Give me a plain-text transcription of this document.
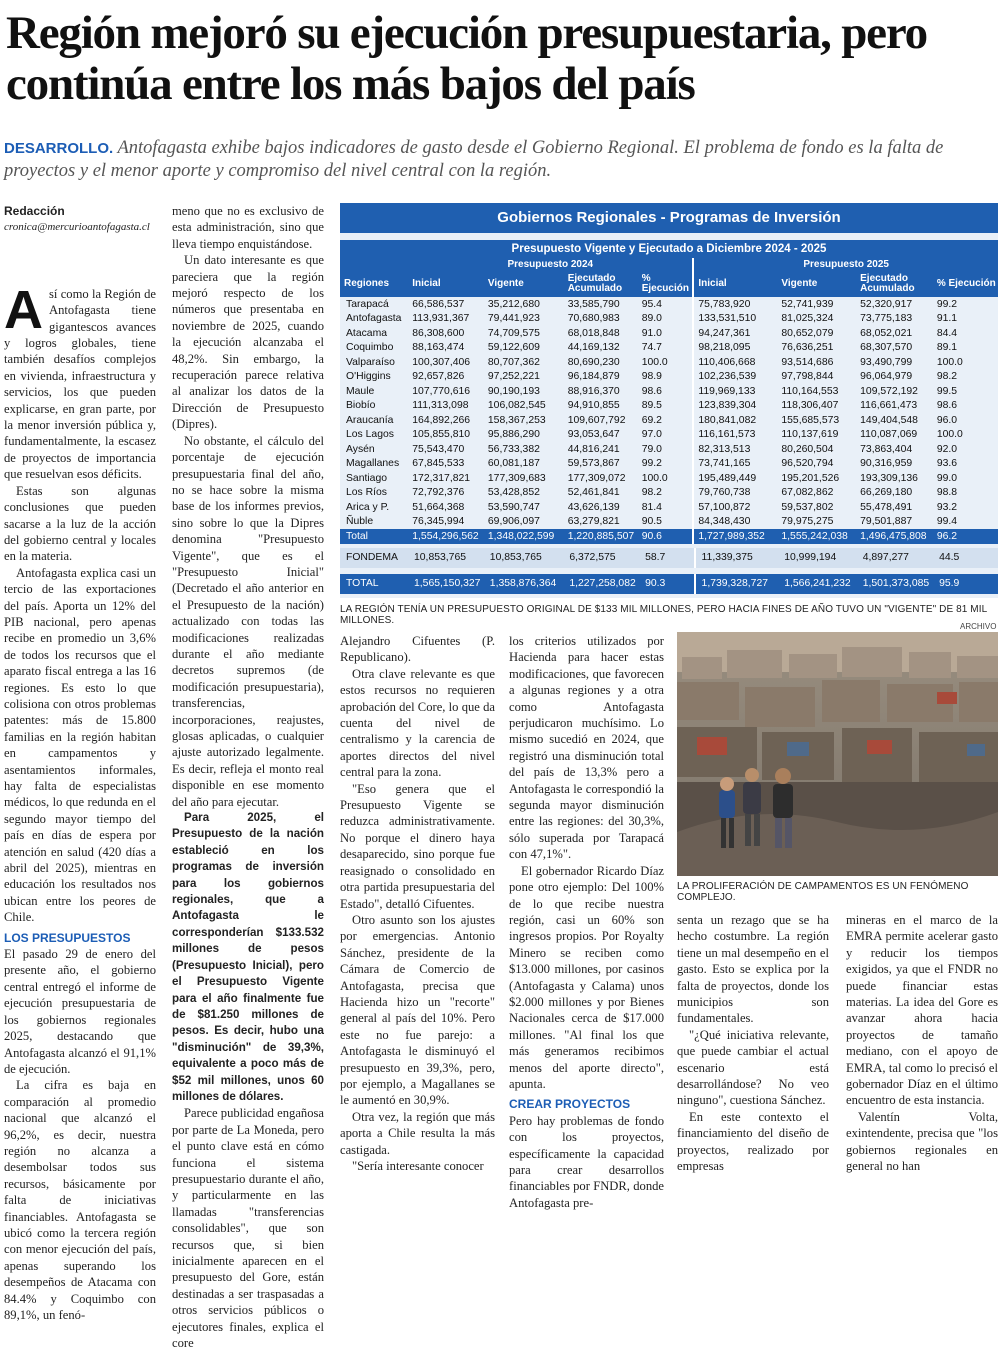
Región mejoró su ejecución presupuestaria, pero continúa entre los más bajos del país
DESARROLLO. Antofagasta exhibe bajos indicadores de gasto desde el Gobierno Regional. El problema de fondo es la falta de proyectos y el menor aporte y compromiso del nivel central con la región.
Redacción
cronica@mercurioantofagasta.cl

Así como la Región de Antofagasta tiene gigantescos avances y logros globales, tiene también desafíos complejos en vivienda, infraestructura y servicios, los que pueden explicarse, en gran parte, por la menor inversión pública y, fundamentalmente, la escasez de proyectos de importancia que resuelvan esos déficits.

Estas son algunas conclusiones que pueden sacarse a la luz de la acción del gobierno central y locales en la materia.

Antofagasta explica casi un tercio de las exportaciones del país. Aporta un 12% del PIB nacional, pero apenas recibe en promedio un 3,6% de todos los recursos que el aparato fiscal entrega a las 16 regiones. Es esto lo que colisiona con otros problemas patentes: más de 15.800 familias en la región habitan en campamentos y asentamientos informales, hay falta de especialistas médicos, lo que redunda en el segundo mayor tiempo del país en días de espera por atención en salud (420 días a abril del 2025), mientras en educación los resultados nos ubican entre los peores de Chile.

LOS PRESUPUESTOS

El pasado 29 de enero del presente año, el gobierno central entregó el informe de ejecución presupuestaria de los gobiernos regionales 2025, destacando que Antofagasta alcanzó el 91,1% de ejecución.

La cifra es baja en comparación al promedio nacional que alcanzó el 96,2%, es decir, nuestra región no alcanza a desembolsar todos sus recursos, básicamente por falta de iniciativas financiables. Antofagasta se ubicó como la tercera región con menor ejecución del país, apenas superando los desempeños de Atacama con 84.4% y Coquimbo con 89,1%, un fenó-

meno que no es exclusivo de esta administración, sino que lleva tiempo enquistándose.

Un dato interesante es que pareciera que la región mejoró respecto de los números que presentaba en noviembre de 2025, cuando la ejecución alcanzaba el 48,2%. Sin embargo, la recuperación parece relativa al analizar los datos de la Dirección de Presupuesto (Dipres).

No obstante, el cálculo del porcentaje de ejecución presupuestaria final del año, no se hace sobre la misma base de los informes previos, sino sobre lo que la Dipres denomina "Presupuesto Vigente", que es el "Presupuesto Inicial" (Decretado el año anterior en el Presupuesto de la nación) actualizado con todas las modificaciones realizadas durante el año mediante decretos supremos (de modificación presupuestaria), transferencias, incorporaciones, reajustes, glosas aplicadas, o cualquier ajuste autorizado legalmente. Es decir, refleja el monto real disponible en ese momento del año para ejecutar.

Para 2025, el Presupuesto de la nación estableció en los programas de inversión para los gobiernos regionales, que a Antofagasta le corresponderían $133.532 millones de pesos (Presupuesto Inicial), pero el Presupuesto Vigente para el año finalmente fue de $81.250 millones de pesos. Es decir, hubo una "disminución" de 39,3%, equivalente a poco más de $52 mil millones, unos 60 millones de dólares.

Parece publicidad engañosa por parte de La Moneda, pero el punto clave está en cómo funciona el sistema presupuestario durante el año, y particularmente en las llamadas "transferencias consolidables", que son recursos que, si bien inicialmente aparecen en el presupuesto del Gore, están destinadas a ser traspasadas a otros servicios públicos o ejecutores finales, explica el core

Gobiernos Regionales - Programas de Inversión
Presupuesto Vigente y Ejecutado a Diciembre 2024 - 2025
	Presupuesto 2024				Presupuesto 2025			
Regiones	Inicial	Vigente	Ejecutado Acumulado	% Ejecución	Inicial	Vigente	Ejecutado Acumulado	% Ejecución
Tarapacá	66,586,537	35,212,680	33,585,790	95.4	75,783,920	52,741,939	52,320,917	99.2
Antofagasta	113,931,367	79,441,923	70,680,983	89.0	133,531,510	81,025,324	73,775,183	91.1
Atacama	86,308,600	74,709,575	68,018,848	91.0	94,247,361	80,652,079	68,052,021	84.4
Coquimbo	88,163,474	59,122,609	44,169,132	74.7	98,218,095	76,636,251	68,307,570	89.1
Valparaíso	100,307,406	80,707,362	80,690,230	100.0	110,406,668	93,514,686	93,490,799	100.0
O'Higgins	92,657,826	97,252,221	96,184,879	98.9	102,236,539	97,798,844	96,064,979	98.2
Maule	107,770,616	90,190,193	88,916,370	98.6	119,969,133	110,164,553	109,572,192	99.5
Biobío	111,313,098	106,082,545	94,910,855	89.5	123,839,304	118,306,407	116,661,473	98.6
Araucanía	164,892,266	158,367,253	109,607,792	69.2	180,841,082	155,685,573	149,404,548	96.0
Los Lagos	105,855,810	95,886,290	93,053,647	97.0	116,161,573	110,137,619	110,087,069	100.0
Aysén	75,543,470	56,733,382	44,816,241	79.0	82,313,513	80,260,504	73,863,404	92.0
Magallanes	67,845,533	60,081,187	59,573,867	99.2	73,741,165	96,520,794	90,316,959	93.6
Santiago	172,317,821	177,309,683	177,309,072	100.0	195,489,449	195,201,526	193,309,136	99.0
Los Ríos	72,792,376	53,428,852	52,461,841	98.2	79,760,738	67,082,862	66,269,180	98.8
Arica y P.	51,664,368	53,590,747	43,626,139	81.4	57,100,872	59,537,802	55,478,491	93.2
Ñuble	76,345,994	69,906,097	63,279,821	90.5	84,348,430	79,975,275	79,501,887	99.4
Total	1,554,296,562	1,348,022,599	1,220,885,507	90.6	1,727,989,352	1,555,242,038	1,496,475,808	96.2
FONDEMA	10,853,765	10,853,765	6,372,575	58.7	11,339,375	10,999,194	4,897,277	44.5

TOTAL	1,565,150,327	1,358,876,364	1,227,258,082	90.3	1,739,328,727	1,566,241,232	1,501,373,085	95.9
LA REGIÓN TENÍA UN PRESUPUESTO ORIGINAL DE $133 MIL MILLONES, PERO HACIA FINES DE AÑO TUVO UN "VIGENTE" DE 81 MIL MILLONES.

Alejandro Cifuentes (P. Republicano).

Otra clave relevante es que estos recursos no requieren aprobación del Core, lo que da cuenta del nivel de centralismo y la carencia de aportes directos del nivel central para la zona.

"Eso genera que el Presupuesto Vigente se reduzca administrativamente. No porque el dinero haya desaparecido, sino porque fue reasignado o consolidado en otra partida presupuestaria del Estado", detalló Cifuentes.

Otro asunto son los ajustes por emergencias. Antonio Sánchez, presidente de la Cámara de Comercio de Antofagasta, precisa que Hacienda hizo un "recorte" general al país del 10%. Pero este no fue parejo: a Antofagasta le disminuyó el presupuesto en 39,3%, pero, por ejemplo, a Magallanes se le aumentó en 30,9%.

Otra vez, la región que más aporta a Chile resulta la más castigada.

"Sería interesante conocer

los criterios utilizados por Hacienda para hacer estas modificaciones, que favorecen a algunas regiones y a otra como Antofagasta perjudicaron muchísimo. Lo mismo sucedió en 2024, que registró una disminución total del país de 13,3% pero a Antofagasta le correspondió la segunda mayor disminución entre las regiones: del 30,3%, sólo superada por Tarapacá con 47,1%".

El gobernador Ricardo Díaz pone otro ejemplo: Del 100% de lo que recibe nuestra región, casi un 60% son ingresos propios. Por Royalty Minero se reciben como $13.000 millones, por casinos (Antofagasta y Calama) unos $2.000 millones y por Bienes Nacionales cerca de $17.000 millones. "Al final los que más generamos recibimos menos del aporte directo", apunta.

CREAR PROYECTOS

Pero hay problemas de fondo con los proyectos, específicamente la capacidad para crear desarrollos financiables por FNDR, donde Antofagasta pre-

ARCHIVO
LA PROLIFERACIÓN DE CAMPAMENTOS ES UN FENÓMENO COMPLEJO.

senta un rezago que se ha hecho costumbre. La región tiene un mal desempeño en el gasto. Esto se explica por la falta de proyectos, donde los municipios son fundamentales.

"¿Qué iniciativa relevante, que puede cambiar el actual escenario está desarrollándose? No veo ninguno", cuestiona Sánchez.

En este contexto el financiamiento del diseño de proyectos, realizado por empresas

mineras en el marco de la EMRA permite acelerar gasto y reducir los tiempos exigidos, ya que el FNDR no puede financiar estas materias. La idea del Gore es avanzar ahora hacia proyectos de tamaño mediano, con el apoyo de EMRA, tal como lo precisó el gobernador Díaz en el último encuentro de esta instancia.

Valentín Volta, exintendente, precisa que "los gobiernos regionales en general no han
